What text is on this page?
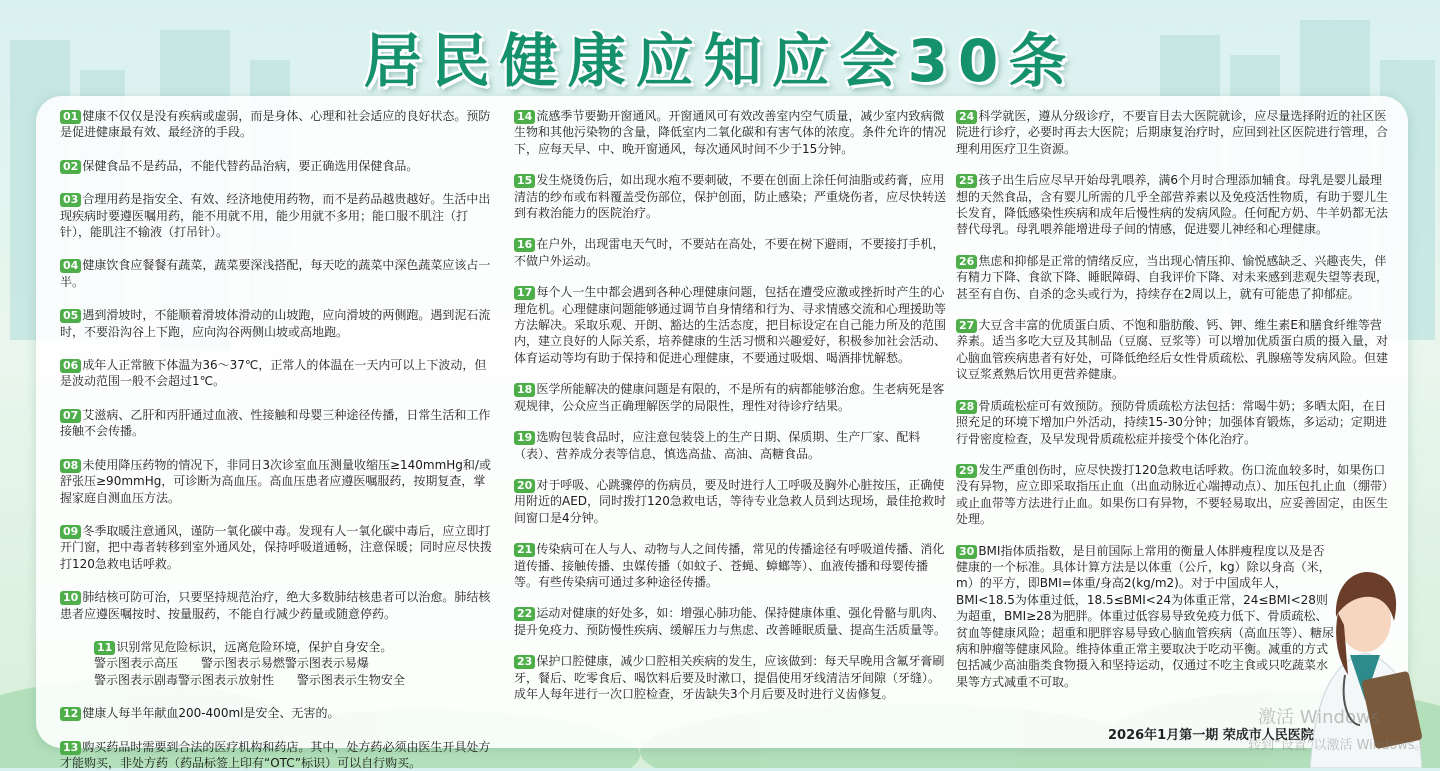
居民健康应知应会30条

01 健康不仅仅是没有疾病或虚弱，而是身体、心理和社会适应的良好状态。预防是促进健康最有效、最经济的手段。

02 保健食品不是药品，不能代替药品治病，要正确选用保健食品。

03 合理用药是指安全、有效、经济地使用药物，而不是药品越贵越好。生活中出现疾病时要遵医嘱用药，能不用就不用，能少用就不多用；能口服不肌注（打针），能肌注不输液（打吊针）。

04 健康饮食应餐餐有蔬菜，蔬菜要深浅搭配，每天吃的蔬菜中深色蔬菜应该占一半。

05 遇到滑坡时，不能顺着滑坡体滑动的山坡跑，应向滑坡的两侧跑。遇到泥石流时，不要沿沟谷上下跑，应向沟谷两侧山坡或高地跑。

06 成年人正常腋下体温为36～37℃，正常人的体温在一天内可以上下波动，但是波动范围一般不会超过1℃。

07 艾滋病、乙肝和丙肝通过血液、性接触和母婴三种途径传播，日常生活和工作接触不会传播。

08 未使用降压药物的情况下，非同日3次诊室血压测量收缩压≥140mmHg和/或舒张压≥90mmHg，可诊断为高血压。高血压患者应遵医嘱服药，按期复查，掌握家庭自测血压方法。

09 冬季取暖注意通风，谨防一氧化碳中毒。发现有人一氧化碳中毒后，应立即打开门窗，把中毒者转移到室外通风处，保持呼吸道通畅，注意保暖；同时应尽快拨打120急救电话呼救。

10 肺结核可防可治，只要坚持规范治疗，绝大多数肺结核患者可以治愈。肺结核患者应遵医嘱按时、按量服药，不能自行减少药量或随意停药。

11 识别常见危险标识，远离危险环境，保护自身安全。
警示图表示高压 警示图表示易燃警示图表示易爆
警示图表示剧毒警示图表示放射性 警示图表示生物安全

12 健康人每半年献血200-400ml是安全、无害的。

13 购买药品时需要到合法的医疗机构和药店。其中，处方药必须由医生开具处方才能购买，非处方药（药品标签上印有“OTC”标识）可以自行购买。

14 流感季节要勤开窗通风。开窗通风可有效改善室内空气质量，减少室内致病微生物和其他污染物的含量，降低室内二氧化碳和有害气体的浓度。条件允许的情况下，应每天早、中、晚开窗通风，每次通风时间不少于15分钟。

15 发生烧烫伤后，如出现水疱不要刺破，不要在创面上涂任何油脂或药膏，应用清洁的纱布或布料覆盖受伤部位，保护创面，防止感染；严重烧伤者，应尽快转送到有救治能力的医院治疗。

16 在户外，出现雷电天气时，不要站在高处，不要在树下避雨，不要接打手机，不做户外运动。

17 每个人一生中都会遇到各种心理健康问题，包括在遭受应激或挫折时产生的心理危机。心理健康问题能够通过调节自身情绪和行为、寻求情感交流和心理援助等方法解决。采取乐观、开朗、豁达的生活态度，把目标设定在自己能力所及的范围内，建立良好的人际关系，培养健康的生活习惯和兴趣爱好，积极参加社会活动、体育运动等均有助于保持和促进心理健康，不要通过吸烟、喝酒排忧解愁。

18 医学所能解决的健康问题是有限的，不是所有的病都能够治愈。生老病死是客观规律，公众应当正确理解医学的局限性，理性对待诊疗结果。

19 选购包装食品时，应注意包装袋上的生产日期、保质期、生产厂家、配料（表）、营养成分表等信息，慎选高盐、高油、高糖食品。

20 对于呼吸、心跳骤停的伤病员，要及时进行人工呼吸及胸外心脏按压，正确使用附近的AED，同时拨打120急救电话，等待专业急救人员到达现场，最佳抢救时间窗口是4分钟。

21 传染病可在人与人、动物与人之间传播，常见的传播途径有呼吸道传播、消化道传播、接触传播、虫媒传播（如蚊子、苍蝇、蟑螂等）、血液传播和母婴传播等。有些传染病可通过多种途径传播。

22 运动对健康的好处多，如：增强心肺功能、保持健康体重、强化骨骼与肌肉、提升免疫力、预防慢性疾病、缓解压力与焦虑、改善睡眠质量、提高生活质量等。

23 保护口腔健康，减少口腔相关疾病的发生，应该做到：每天早晚用含氟牙膏刷牙，餐后、吃零食后、喝饮料后要及时漱口，提倡使用牙线清洁牙间隙（牙缝）。成年人每年进行一次口腔检查，牙齿缺失3个月后要及时进行义齿修复。

24 科学就医，遵从分级诊疗，不要盲目去大医院就诊，应尽量选择附近的社区医院进行诊疗，必要时再去大医院；后期康复治疗时，应回到社区医院进行管理，合理利用医疗卫生资源。

25 孩子出生后应尽早开始母乳喂养，满6个月时合理添加辅食。母乳是婴儿最理想的天然食品，含有婴儿所需的几乎全部营养素以及免疫活性物质，有助于婴儿生长发育，降低感染性疾病和成年后慢性病的发病风险。任何配方奶、牛羊奶都无法替代母乳。母乳喂养能增进母子间的情感，促进婴儿神经和心理健康。

26 焦虑和抑郁是正常的情绪反应，当出现心情压抑、愉悦感缺乏、兴趣丧失，伴有精力下降、食欲下降、睡眠障碍、自我评价下降、对未来感到悲观失望等表现，甚至有自伤、自杀的念头或行为，持续存在2周以上，就有可能患了抑郁症。

27 大豆含丰富的优质蛋白质、不饱和脂肪酸、钙、钾、维生素E和膳食纤维等营养素。适当多吃大豆及其制品（豆腐、豆浆等）可以增加优质蛋白质的摄入量，对心脑血管疾病患者有好处，可降低绝经后女性骨质疏松、乳腺癌等发病风险。但建议豆浆煮熟后饮用更营养健康。

28 骨质疏松症可有效预防。预防骨质疏松方法包括：常喝牛奶；多晒太阳，在日照充足的环境下增加户外活动，持续15-30分钟；加强体育锻炼，多运动；定期进行骨密度检查，及早发现骨质疏松症并接受个体化治疗。

29 发生严重创伤时，应尽快拨打120急救电话呼救。伤口流血较多时，如果伤口没有异物，应立即采取指压止血（出血动脉近心端搏动点）、加压包扎止血（绷带）或止血带等方法进行止血。如果伤口有异物，不要轻易取出，应妥善固定，由医生处理。

30 BMI指体质指数，是目前国际上常用的衡量人体胖瘦程度以及是否健康的一个标准。具体计算方法是以体重（公斤，kg）除以身高（米，m）的平方，即BMI=体重/身高2(kg/m2)。对于中国成年人，BMI<18.5为体重过低，18.5≤BMI<24为体重正常，24≤BMI<28则为超重，BMI≥28为肥胖。体重过低容易导致免疫力低下、骨质疏松、贫血等健康风险；超重和肥胖容易导致心脑血管疾病（高血压等）、糖尿病和肿瘤等健康风险。维持体重正常主要取决于吃动平衡。减重的方式包括减少高油脂类食物摄入和坚持运动，仅通过不吃主食或只吃蔬菜水果等方式减重不可取。

2026年1月第一期 荣成市人民医院
激活 Windows
转到“设置”以激活 Windows。
